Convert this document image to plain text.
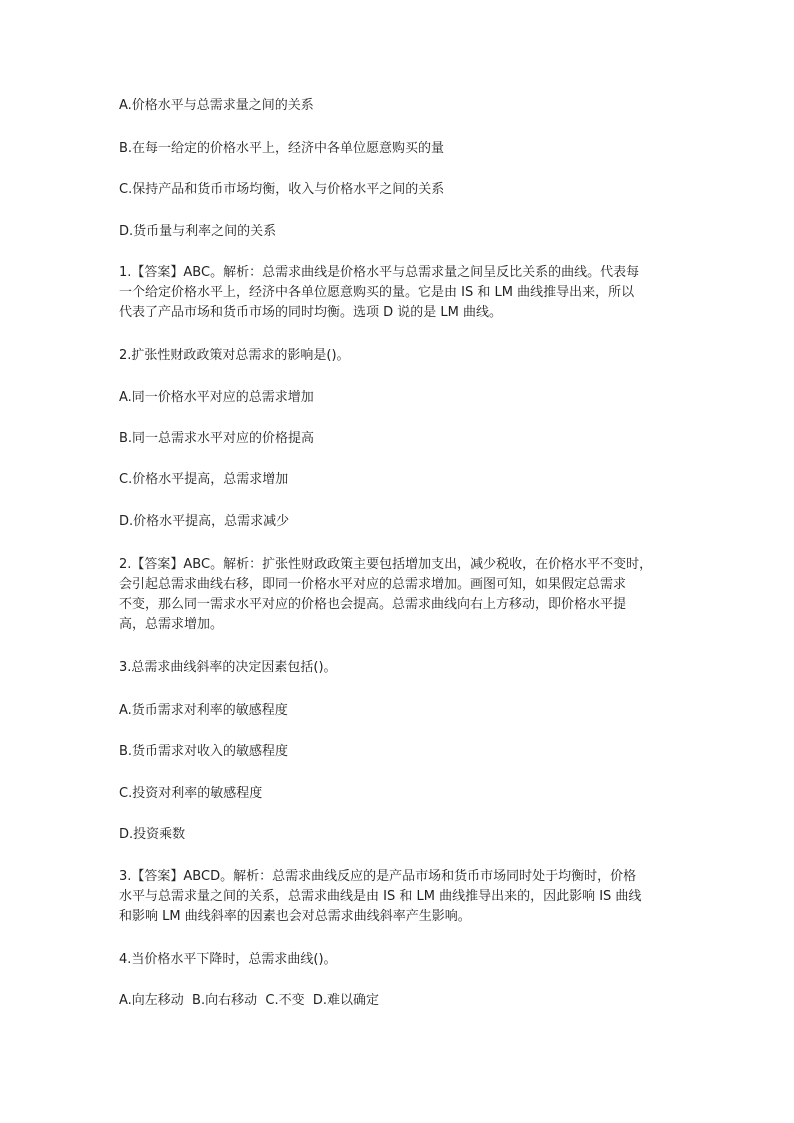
A.价格水平与总需求量之间的关系
B.在每一给定的价格水平上，经济中各单位愿意购买的量
C.保持产品和货币市场均衡，收入与价格水平之间的关系
D.货币量与利率之间的关系
1.【答案】ABC。解析：总需求曲线是价格水平与总需求量之间呈反比关系的曲线。代表每
一个给定价格水平上，经济中各单位愿意购买的量。它是由 IS 和 LM 曲线推导出来，所以
代表了产品市场和货币市场的同时均衡。选项 D 说的是 LM 曲线。
2.扩张性财政政策对总需求的影响是()。
A.同一价格水平对应的总需求增加
B.同一总需求水平对应的价格提高
C.价格水平提高，总需求增加
D.价格水平提高，总需求减少
2.【答案】ABC。解析：扩张性财政政策主要包括增加支出，减少税收，在价格水平不变时，
会引起总需求曲线右移，即同一价格水平对应的总需求增加。画图可知，如果假定总需求
不变，那么同一需求水平对应的价格也会提高。总需求曲线向右上方移动，即价格水平提
高，总需求增加。
3.总需求曲线斜率的决定因素包括()。
A.货币需求对利率的敏感程度
B.货币需求对收入的敏感程度
C.投资对利率的敏感程度
D.投资乘数
3.【答案】ABCD。解析：总需求曲线反应的是产品市场和货币市场同时处于均衡时，价格
水平与总需求量之间的关系，总需求曲线是由 IS 和 LM 曲线推导出来的，因此影响 IS 曲线
和影响 LM 曲线斜率的因素也会对总需求曲线斜率产生影响。
4.当价格水平下降时，总需求曲线()。
A.向左移动  B.向右移动  C.不变  D.难以确定
